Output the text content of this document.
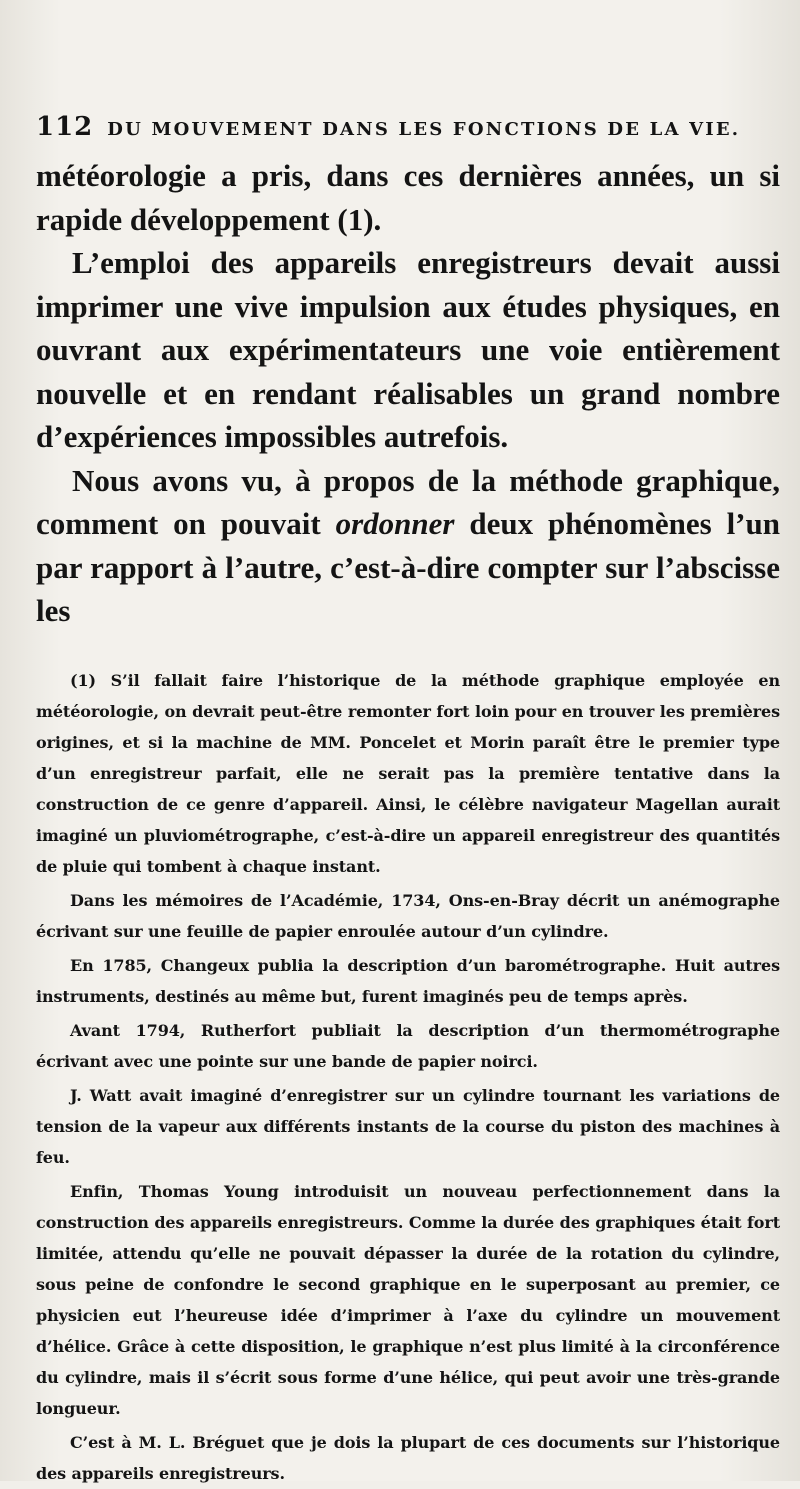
112 DU MOUVEMENT DANS LES FONCTIONS DE LA VIE.

météorologie a pris, dans ces dernières années, un si rapide développement (1).

L’emploi des appareils enregistreurs devait aussi imprimer une vive impulsion aux études physiques, en ouvrant aux expérimentateurs une voie entièrement nouvelle et en rendant réalisables un grand nombre d’expériences impossibles autrefois.

Nous avons vu, à propos de la méthode graphique, comment on pouvait ordonner deux phénomènes l’un par rapport à l’autre, c’est-à-dire compter sur l’abscisse les

(1) S’il fallait faire l’historique de la méthode graphique employée en météorologie, on devrait peut-être remonter fort loin pour en trouver les premières origines, et si la machine de MM. Poncelet et Morin paraît être le premier type d’un enregistreur parfait, elle ne serait pas la première tentative dans la construction de ce genre d’appareil. Ainsi, le célèbre navigateur Magellan aurait imaginé un pluviométrographe, c’est-à-dire un appareil enregistreur des quantités de pluie qui tombent à chaque instant.

Dans les mémoires de l’Académie, 1734, Ons-en-Bray décrit un anémographe écrivant sur une feuille de papier enroulée autour d’un cylindre.

En 1785, Changeux publia la description d’un barométrographe. Huit autres instruments, destinés au même but, furent imaginés peu de temps après.

Avant 1794, Rutherfort publiait la description d’un thermométrographe écrivant avec une pointe sur une bande de papier noirci.

J. Watt avait imaginé d’enregistrer sur un cylindre tournant les variations de tension de la vapeur aux différents instants de la course du piston des machines à feu.

Enfin, Thomas Young introduisit un nouveau perfectionnement dans la construction des appareils enregistreurs. Comme la durée des graphiques était fort limitée, attendu qu’elle ne pouvait dépasser la durée de la rotation du cylindre, sous peine de confondre le second graphique en le superposant au premier, ce physicien eut l’heureuse idée d’imprimer à l’axe du cylindre un mouvement d’hélice. Grâce à cette disposition, le graphique n’est plus limité à la circonférence du cylindre, mais il s’écrit sous forme d’une hélice, qui peut avoir une très-grande longueur.

C’est à M. L. Bréguet que je dois la plupart de ces documents sur l’historique des appareils enregistreurs.
